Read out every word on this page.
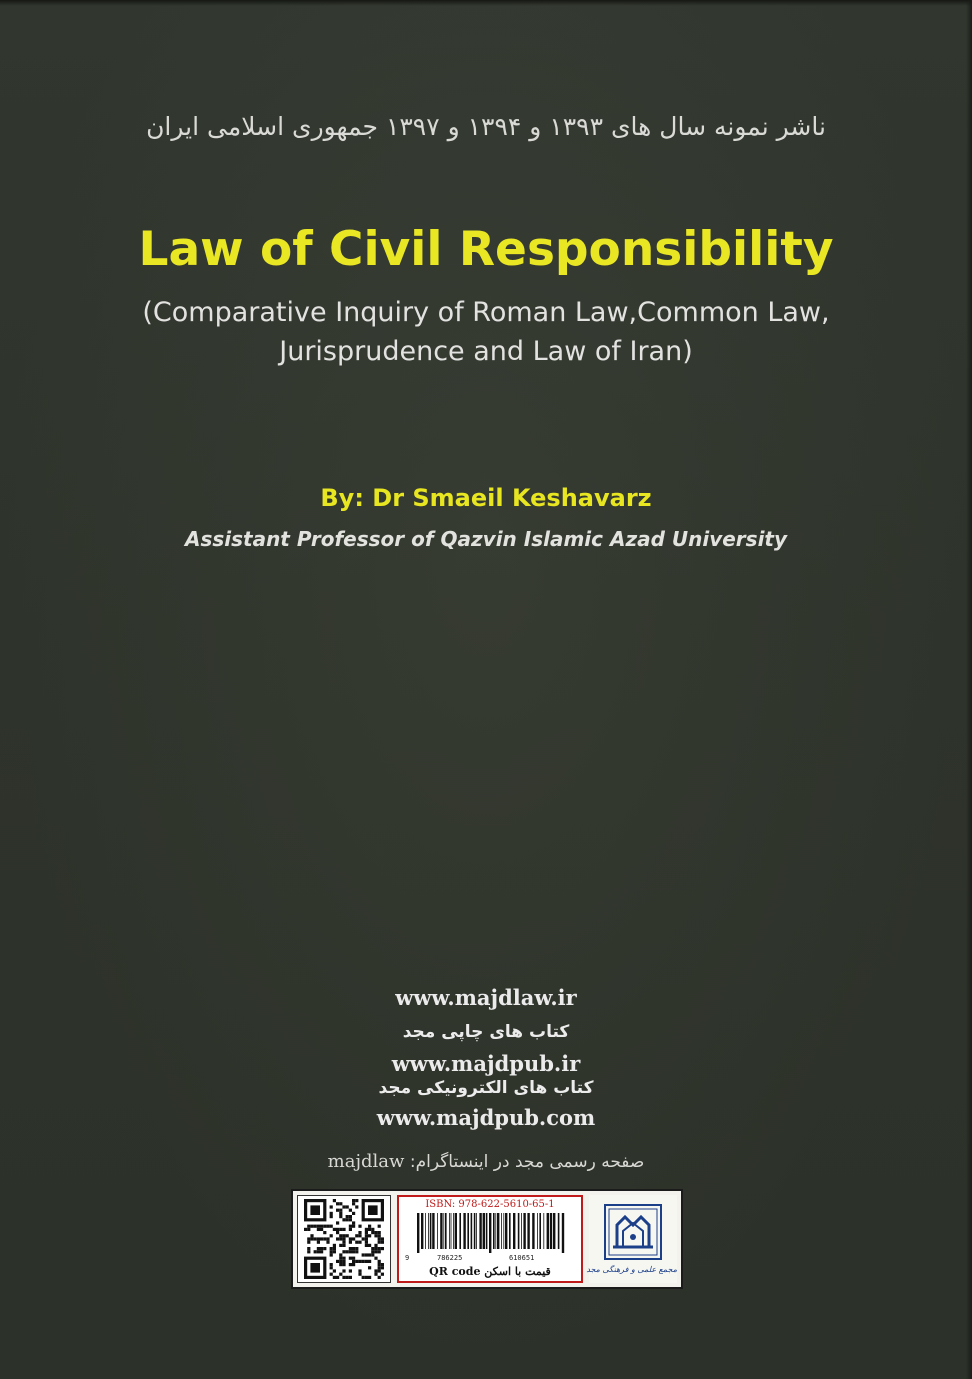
ناشر نمونه سال های ۱۳۹۳ و ۱۳۹۴ و ۱۳۹۷ جمهوری اسلامی ایران
Law of Civil Responsibility
(Comparative Inquiry of Roman Law,Common Law,
Jurisprudence and Law of Iran)
By: Dr Smaeil Keshavarz
Assistant Professor of Qazvin Islamic Azad University
www.majdlaw.ir
کتاب های چاپی مجد
www.majdpub.ir
کتاب های الکترونیکی مجد
www.majdpub.com
majdlaw صفحه رسمی مجد در اینستاگرام:
ISBN: 978-622-5610-65-1
9	786225	610651
قیمت با اسکن QR code	مجمع علمی و فرهنگی مجد
